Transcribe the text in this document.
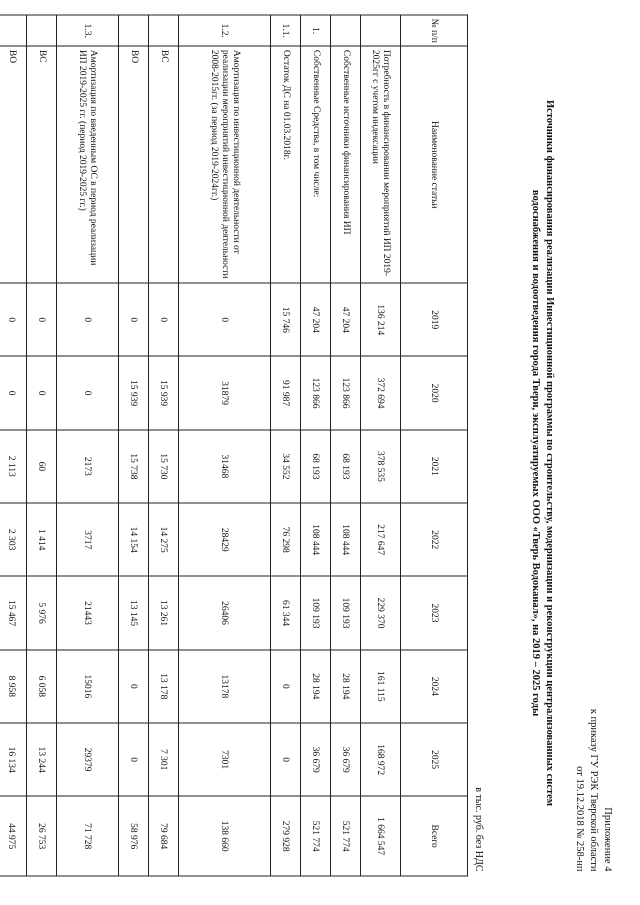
Приложение 4
к приказу ГУ РЭК Тверской области
от 19.12.2018 № 258-нп
Источники финансирования реализации Инвестиционной программы по строительству, модернизации и реконструкции централизованных систем
водоснабжения и водоотведения города Твери, эксплуатируемых ООО «Тверь Водоканал», на 2019 – 2025 годы
в тыс. руб. без НДС
№ п/п	Наименование статьи	2019	2020	2021	2022	2023	2024	2025	Всего
	Потребность в финансировании мероприятий ИП 2019-2025гг с учетом индексации	136 214	372 694	378 535	217 647	229 370	161 115	168 972	1 664 547
	Собственные источники финансирования ИП	47 204	123 866	68 193	108 444	109 193	28 194	36 679	521 774
1.	Собственные Средства, в том числе:	47 204	123 866	68 193	108 444	109 193	28 194	36 679	521 774
1.1.	Остаток ДС на 01.03.2018г.	15 746	91 987	34 552	76 298	61 344	0	0	279 928
1.2.	Амортизация по инвестиционной деятельности от реализации мероприятий инвестиционной деятельности 2008-2015гг. (за период 2019-2024гг.)	0	31879	31468	28429	26406	13178	7301	138 660
	ВС	0	15 939	15 730	14 275	13 261	13 178	7 301	79 684
	ВО	0	15 939	15 738	14 154	13 145	0	0	58 976
1.3.	Амортизация по введенным ОС в период реализации ИП 2019-2025 гг. (период 2019-2025 гг.)	0	0	2173	3717	21443	15016	29379	71 728
	ВС	0	0	60	1 414	5 976	6 058	13 244	26 753
	ВО	0	0	2 113	2 303	15 467	8 958	16 134	44 975
